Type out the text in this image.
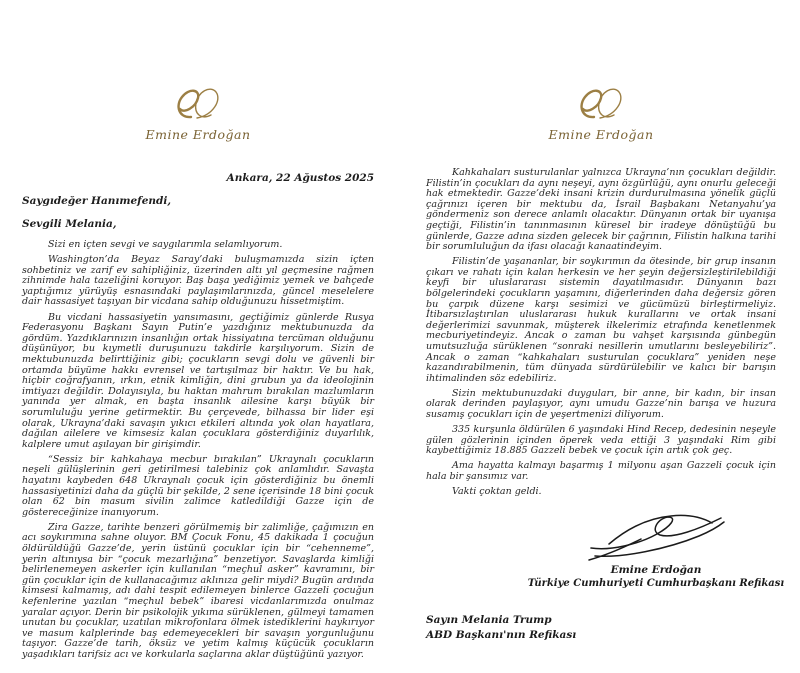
Emine Erdoğan
Ankara, 22 Ağustos 2025
Saygıdeğer Hanımefendi,
Sevgili Melania,

Sizi en içten sevgi ve saygılarımla selamlıyorum.

Washington’da Beyaz Saray’daki buluşmamızda sizin içten sohbetiniz ve zarif ev sahipliğiniz, üzerinden altı yıl geçmesine rağmen zihnimde hala tazeliğini koruyor. Baş başa yediğimiz yemek ve bahçede yaptığımız yürüyüş esnasındaki paylaşımlarınızda, güncel meselelere dair hassasiyet taşıyan bir vicdana sahip olduğunuzu hissetmiştim.

Bu vicdani hassasiyetin yansımasını, geçtiğimiz günlerde Rusya Federasyonu Başkanı Sayın Putin’e yazdığınız mektubunuzda da gördüm. Yazdıklarınızın insanlığın ortak hissiyatına tercüman olduğunu düşünüyor, bu kıymetli duruşunuzu takdirle karşılıyorum. Sizin de mektubunuzda belirttiğiniz gibi; çocukların sevgi dolu ve güvenli bir ortamda büyüme hakkı evrensel ve tartışılmaz bir haktır. Ve bu hak, hiçbir coğrafyanın, ırkın, etnik kimliğin, dini grubun ya da ideolojinin imtiyazı değildir. Dolayısıyla, bu haktan mahrum bırakılan mazlumların yanında yer almak, en başta insanlık ailesine karşı büyük bir sorumluluğu yerine getirmektir. Bu çerçevede, bilhassa bir lider eşi olarak, Ukrayna’daki savaşın yıkıcı etkileri altında yok olan hayatlara, dağılan ailelere ve kimsesiz kalan çocuklara gösterdiğiniz duyarlılık, kalplere umut aşılayan bir girişimdir.

“Sessiz bir kahkahaya mecbur bırakılan” Ukraynalı çocukların neşeli gülüşlerinin geri getirilmesi talebiniz çok anlamlıdır. Savaşta hayatını kaybeden 648 Ukraynalı çocuk için gösterdiğiniz bu önemli hassasiyetinizi daha da güçlü bir şekilde, 2 sene içerisinde 18 bini çocuk olan 62 bin masum sivilin zalimce katledildiği Gazze için de göstereceğinize inanıyorum.

Zira Gazze, tarihte benzeri görülmemiş bir zalimliğe, çağımızın en acı soykırımına sahne oluyor. BM Çocuk Fonu, 45 dakikada 1 çocuğun öldürüldüğü Gazze’de, yerin üstünü çocuklar için bir “cehenneme”, yerin altınıysa bir “çocuk mezarlığına” benzetiyor. Savaşlarda kimliği belirlenemeyen askerler için kullanılan “meçhul asker” kavramını, bir gün çocuklar için de kullanacağımız aklınıza gelir miydi? Bugün ardında kimsesi kalmamış, adı dahi tespit edilemeyen binlerce Gazzeli çocuğun kefenlerine yazılan “meçhul bebek” ibaresi vicdanlarımızda onulmaz yaralar açıyor. Derin bir psikolojik yıkıma sürüklenen, gülmeyi tamamen unutan bu çocuklar, uzatılan mikrofonlara ölmek istediklerini haykırıyor ve masum kalplerinde baş edemeyecekleri bir savaşın yorgunluğunu taşıyor. Gazze’de tarih, öksüz ve yetim kalmış küçücük çocukların yaşadıkları tarifsiz acı ve korkularla saçlarına aklar düştüğünü yazıyor.

Emine Erdoğan

Kahkahaları susturulanlar yalnızca Ukrayna’nın çocukları değildir. Filistin’in çocukları da aynı neşeyi, aynı özgürlüğü, aynı onurlu geleceği hak etmektedir. Gazze’deki insani krizin durdurulmasına yönelik güçlü çağrınızı içeren bir mektubu da, İsrail Başbakanı Netanyahu’ya göndermeniz son derece anlamlı olacaktır. Dünyanın ortak bir uyanışa geçtiği, Filistin’in tanınmasının küresel bir iradeye dönüştüğü bu günlerde, Gazze adına sizden gelecek bir çağrının, Filistin halkına tarihi bir sorumluluğun da ifası olacağı kanaatindeyim.

Filistin’de yaşananlar, bir soykırımın da ötesinde, bir grup insanın çıkarı ve rahatı için kalan herkesin ve her şeyin değersizleştirilebildiği keyfi bir uluslararası sistemin dayatılmasıdır. Dünyanın bazı bölgelerindeki çocukların yaşamını, diğerlerinden daha değersiz gören bu çarpık düzene karşı sesimizi ve gücümüzü birleştirmeliyiz. İtibarsızlaştırılan uluslararası hukuk kurallarını ve ortak insani değerlerimizi savunmak, müşterek ilkelerimiz etrafında kenetlenmek mecburiyetindeyiz. Ancak o zaman bu vahşet karşısında günbegün umutsuzluğa sürüklenen “sonraki nesillerin umutlarını besleyebiliriz”. Ancak o zaman “kahkahaları susturulan çocuklara” yeniden neşe kazandırabilmenin, tüm dünyada sürdürülebilir ve kalıcı bir barışın ihtimalinden söz edebiliriz.

Sizin mektubunuzdaki duyguları, bir anne, bir kadın, bir insan olarak derinden paylaşıyor, aynı umudu Gazze’nin barışa ve huzura susamış çocukları için de yeşertmenizi diliyorum.

335 kurşunla öldürülen 6 yaşındaki Hind Recep, dedesinin neşeyle gülen gözlerinin içinden öperek veda ettiği 3 yaşındaki Rim gibi kaybettiğimiz 18.885 Gazzeli bebek ve çocuk için artık çok geç.

Ama hayatta kalmayı başarmış 1 milyonu aşan Gazzeli çocuk için hala bir şansımız var.

Vakti çoktan geldi.

Emine Erdoğan
Türkiye Cumhuriyeti Cumhurbaşkanı Refikası
Sayın Melania Trump
ABD Başkanı'nın Refikası
